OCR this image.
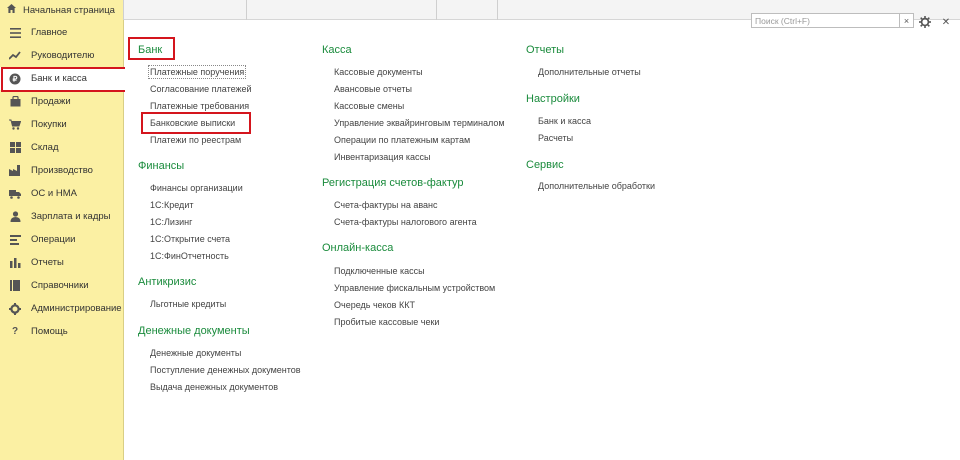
Начальная страница
Главное
Руководителю
₽ Банк и касса
Продажи
Покупки
Склад
Производство
ОС и НМА
Зарплата и кадры
Операции
Отчеты
Справочники
Администрирование
? Помощь
Поиск (Ctrl+F)
×	✕
Банк
Платежные поручения
Согласование платежей
Платежные требования
Банковские выписки
Платежи по реестрам
Финансы
Финансы организации
1С:Кредит
1С:Лизинг
1С:Открытие счета
1С:ФинОтчетность
Антикризис
Льготные кредиты
Денежные документы
Денежные документы
Поступление денежных документов
Выдача денежных документов
Касса
Кассовые документы
Авансовые отчеты
Кассовые смены
Управление эквайринговым терминалом
Операции по платежным картам
Инвентаризация кассы
Регистрация счетов-фактур
Счета-фактуры на аванс
Счета-фактуры налогового агента
Онлайн-касса
Подключенные кассы
Управление фискальным устройством
Очередь чеков ККТ
Пробитые кассовые чеки
Отчеты
Дополнительные отчеты
Настройки
Банк и касса
Расчеты
Сервис
Дополнительные обработки
